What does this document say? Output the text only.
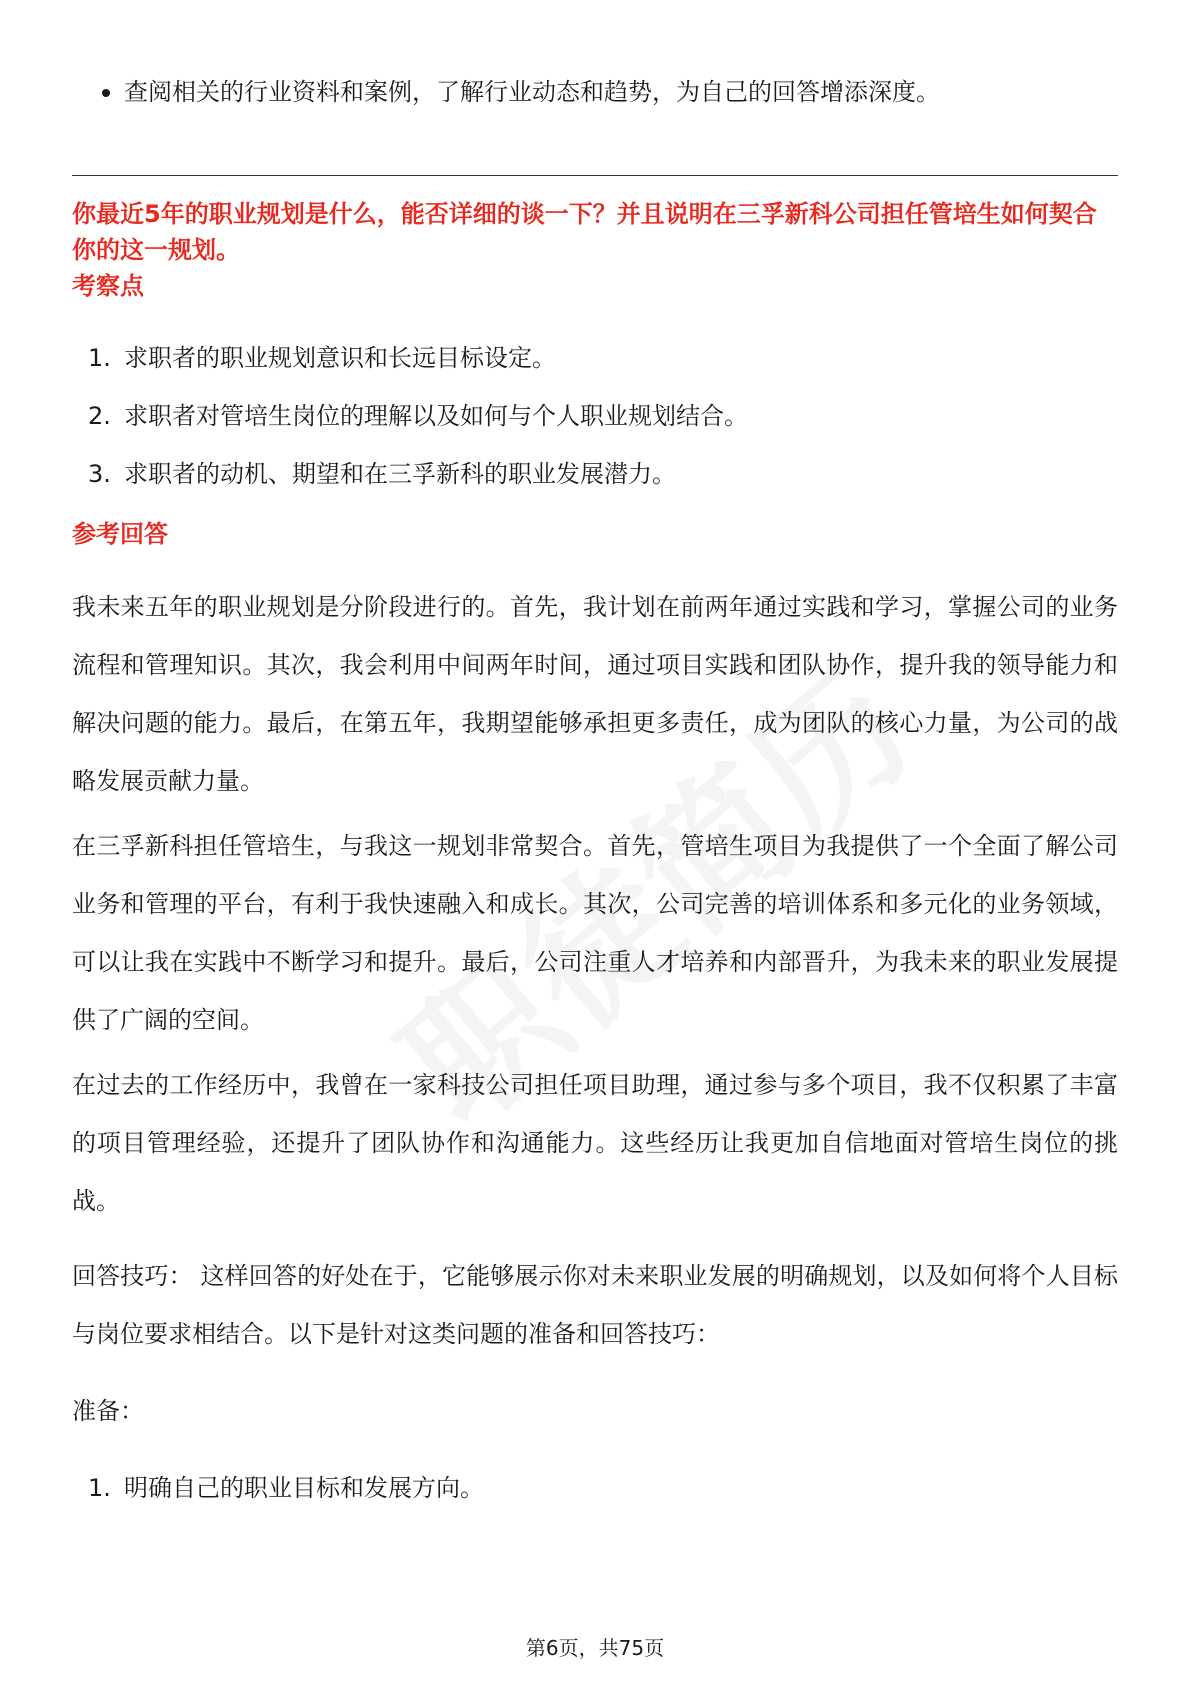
查阅相关的行业资料和案例，了解行业动态和趋势，为自己的回答增添深度。

你最近5年的职业规划是什么，能否详细的谈一下？并且说明在三孚新科公司担任管培生如何契合你的这一规划。

考察点

1. 求职者的职业规划意识和长远目标设定。
2. 求职者对管培生岗位的理解以及如何与个人职业规划结合。
3. 求职者的动机、期望和在三孚新科的职业发展潜力。

参考回答

我未来五年的职业规划是分阶段进行的。首先，我计划在前两年通过实践和学习，掌握公司的业务流程和管理知识。其次，我会利用中间两年时间，通过项目实践和团队协作，提升我的领导能力和解决问题的能力。最后，在第五年，我期望能够承担更多责任，成为团队的核心力量，为公司的战略发展贡献力量。

在三孚新科担任管培生，与我这一规划非常契合。首先，管培生项目为我提供了一个全面了解公司业务和管理的平台，有利于我快速融入和成长。其次，公司完善的培训体系和多元化的业务领域，可以让我在实践中不断学习和提升。最后，公司注重人才培养和内部晋升，为我未来的职业发展提供了广阔的空间。

在过去的工作经历中，我曾在一家科技公司担任项目助理，通过参与多个项目，我不仅积累了丰富的项目管理经验，还提升了团队协作和沟通能力。这些经历让我更加自信地面对管培生岗位的挑战。

回答技巧： 这样回答的好处在于，它能够展示你对未来职业发展的明确规划，以及如何将个人目标与岗位要求相结合。以下是针对这类问题的准备和回答技巧：

准备：

1. 明确自己的职业目标和发展方向。
第6页，共75页
